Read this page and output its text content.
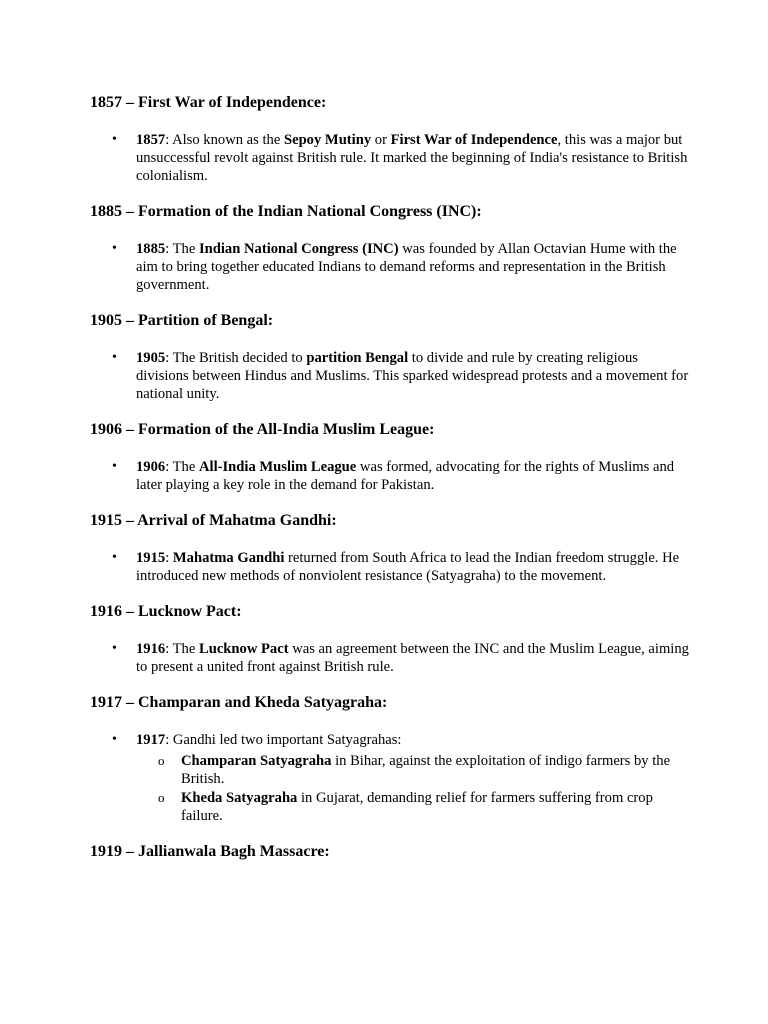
1857 – First War of Independence:
• 1857: Also known as the Sepoy Mutiny or First War of Independence, this was a major but unsuccessful revolt against British rule. It marked the beginning of India's resistance to British colonialism.
1885 – Formation of the Indian National Congress (INC):
• 1885: The Indian National Congress (INC) was founded by Allan Octavian Hume with the aim to bring together educated Indians to demand reforms and representation in the British government.
1905 – Partition of Bengal:
• 1905: The British decided to partition Bengal to divide and rule by creating religious divisions between Hindus and Muslims. This sparked widespread protests and a movement for national unity.
1906 – Formation of the All-India Muslim League:
• 1906: The All-India Muslim League was formed, advocating for the rights of Muslims and later playing a key role in the demand for Pakistan.
1915 – Arrival of Mahatma Gandhi:
• 1915: Mahatma Gandhi returned from South Africa to lead the Indian freedom struggle. He introduced new methods of nonviolent resistance (Satyagraha) to the movement.
1916 – Lucknow Pact:
• 1916: The Lucknow Pact was an agreement between the INC and the Muslim League, aiming to present a united front against British rule.
1917 – Champaran and Kheda Satyagraha:
• 1917: Gandhi led two important Satyagrahas:
o Champaran Satyagraha in Bihar, against the exploitation of indigo farmers by the British.
o Kheda Satyagraha in Gujarat, demanding relief for farmers suffering from crop failure.
1919 – Jallianwala Bagh Massacre:
